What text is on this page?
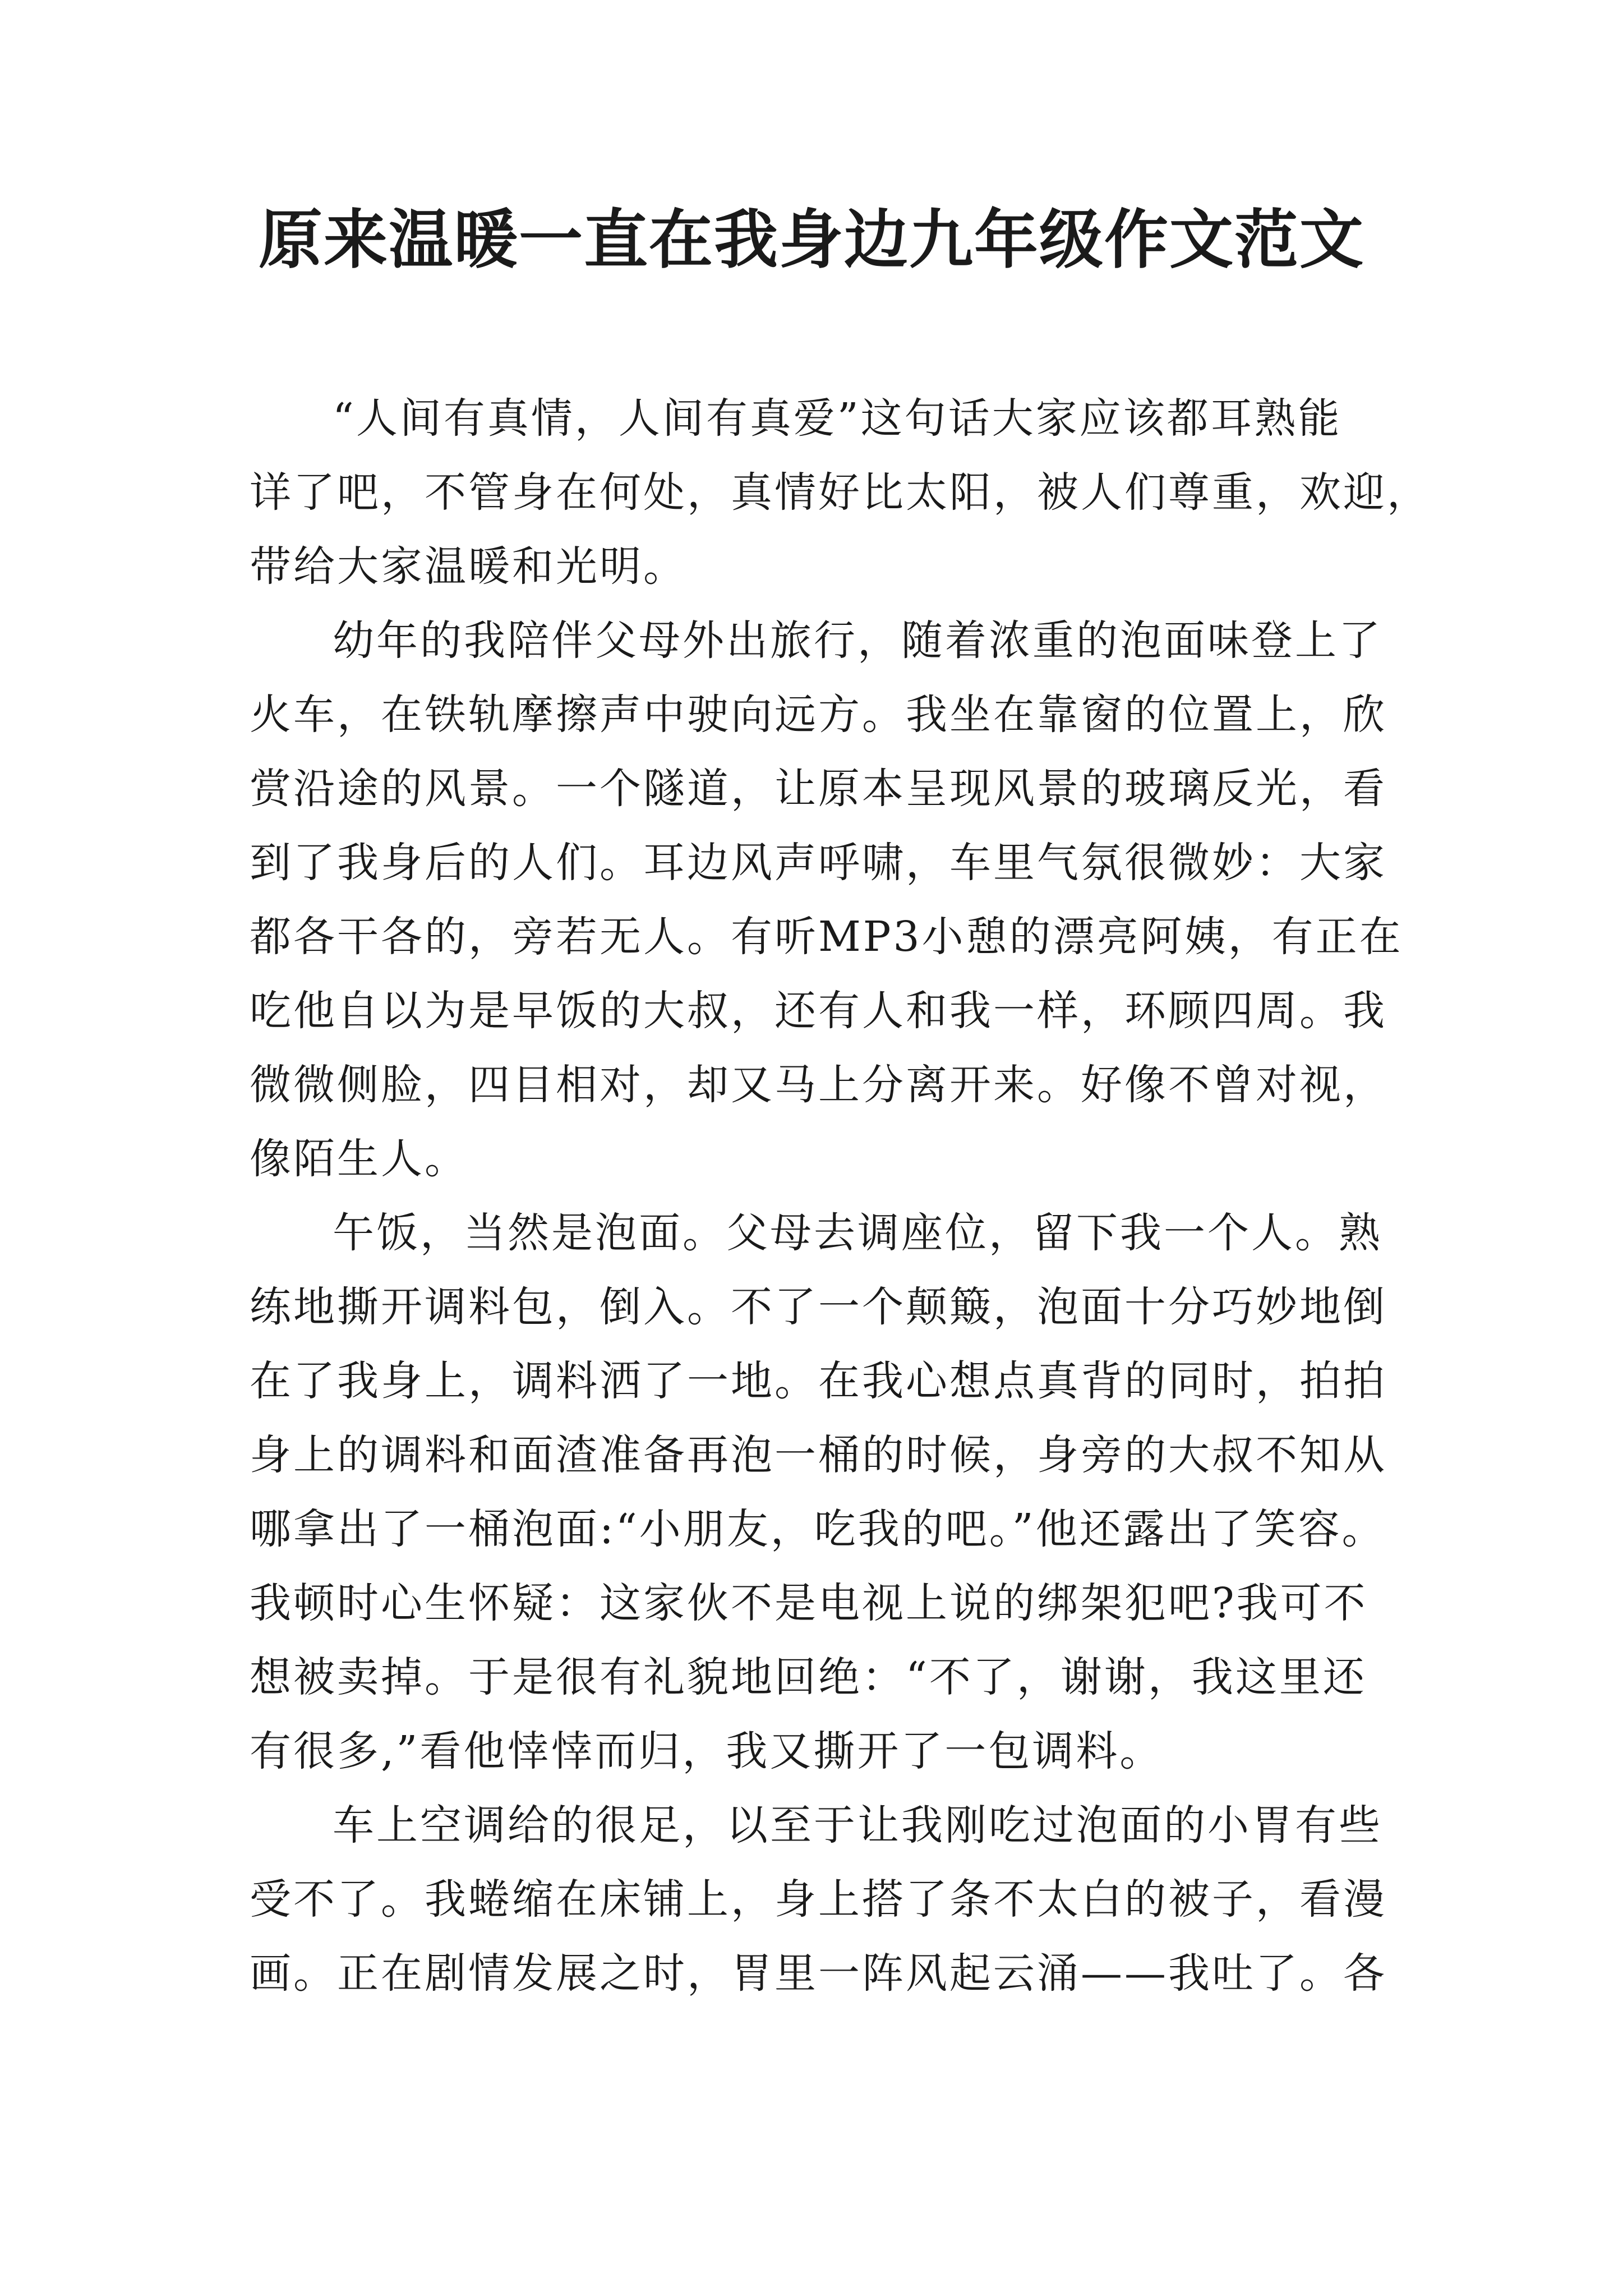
原来温暖一直在我身边九年级作文范文
“人间有真情，人间有真爱”这句话大家应该都耳熟能
详了吧，不管身在何处，真情好比太阳，被人们尊重，欢迎，
带给大家温暖和光明。
幼年的我陪伴父母外出旅行，随着浓重的泡面味登上了
火车，在铁轨摩擦声中驶向远方。我坐在靠窗的位置上，欣
赏沿途的风景。一个隧道，让原本呈现风景的玻璃反光，看
到了我身后的人们。耳边风声呼啸，车里气氛很微妙：大家
都各干各的，旁若无人。有听MP3小憩的漂亮阿姨，有正在
吃他自以为是早饭的大叔，还有人和我一样，环顾四周。我
微微侧脸，四目相对，却又马上分离开来。好像不曾对视，
像陌生人。
午饭，当然是泡面。父母去调座位，留下我一个人。熟
练地撕开调料包，倒入。不了一个颠簸，泡面十分巧妙地倒
在了我身上，调料洒了一地。在我心想点真背的同时，拍拍
身上的调料和面渣准备再泡一桶的时候，身旁的大叔不知从
哪拿出了一桶泡面:“小朋友，吃我的吧。”他还露出了笑容。
我顿时心生怀疑：这家伙不是电视上说的绑架犯吧?我可不
想被卖掉。于是很有礼貌地回绝：“不了，谢谢，我这里还
有很多,”看他悻悻而归，我又撕开了一包调料。
车上空调给的很足，以至于让我刚吃过泡面的小胃有些
受不了。我蜷缩在床铺上，身上搭了条不太白的被子，看漫
画。正在剧情发展之时，胃里一阵风起云涌——我吐了。各
